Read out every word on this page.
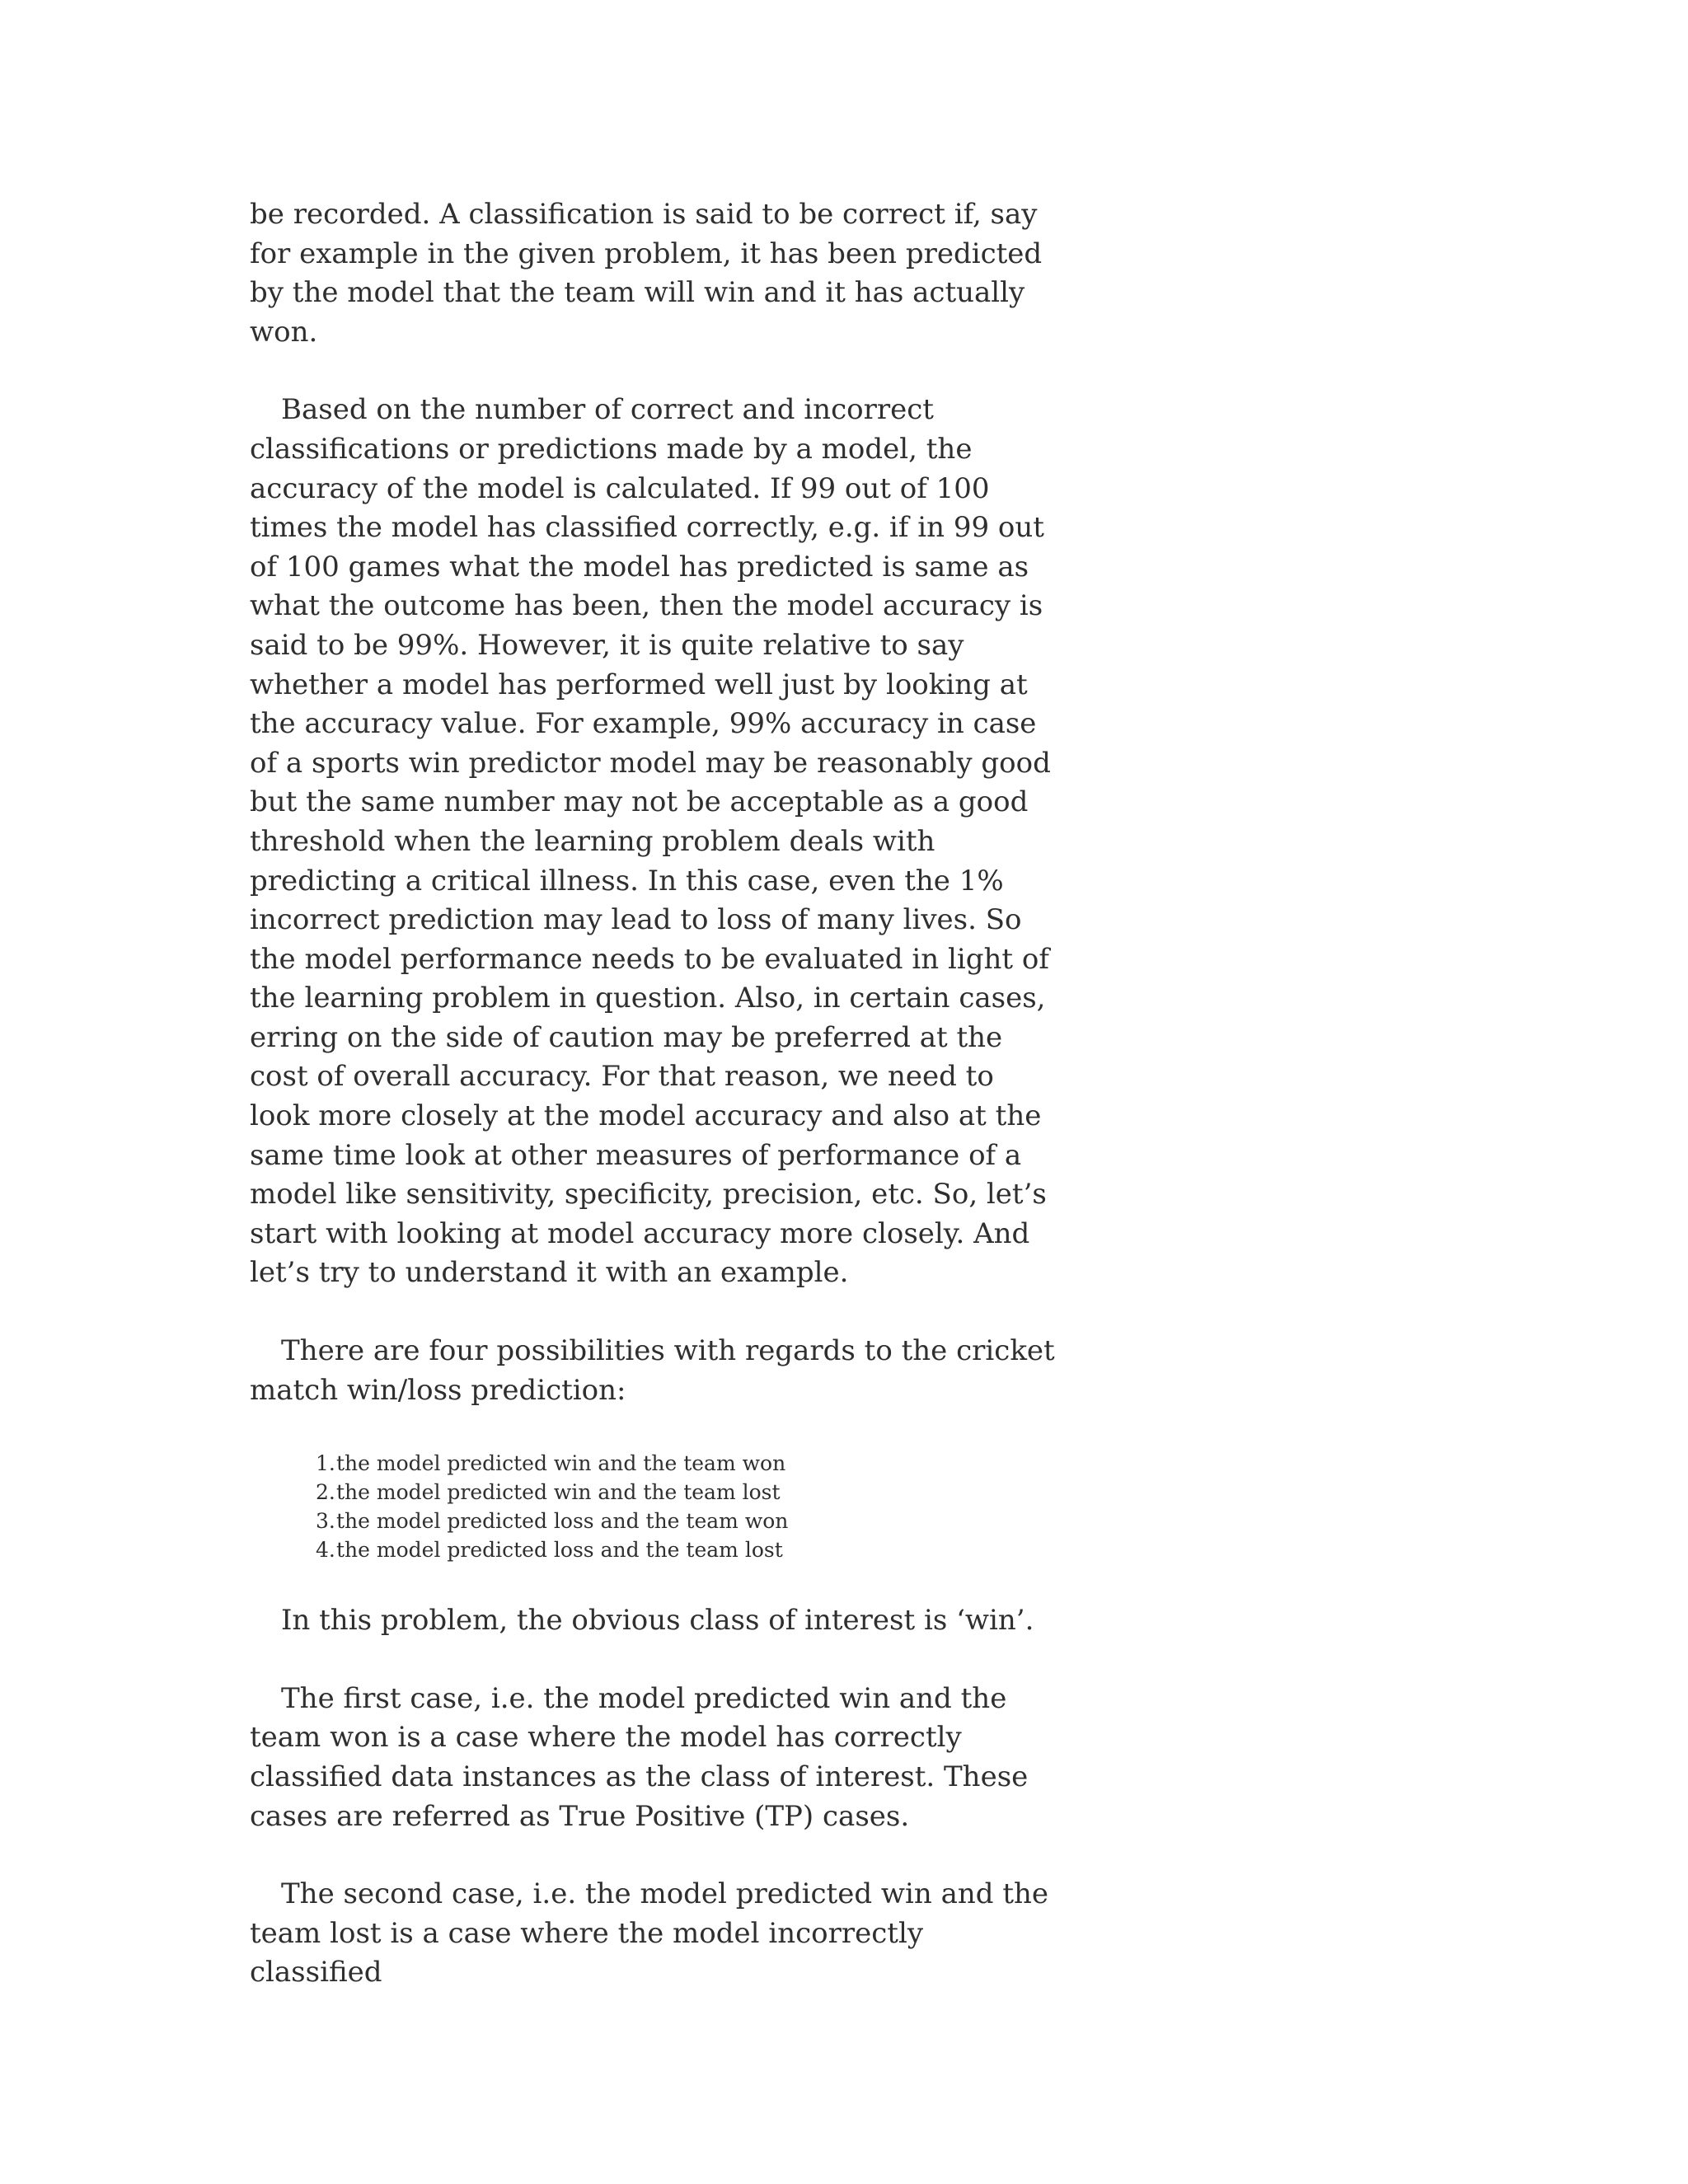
be recorded. A classification is said to be correct if, say for example in the given problem, it has been predicted by the model that the team will win and it has actually won.

Based on the number of correct and incorrect classifications or predictions made by a model, the accuracy of the model is calculated. If 99 out of 100 times the model has classified correctly, e.g. if in 99 out of 100 games what the model has predicted is same as what the outcome has been, then the model accuracy is said to be 99%. However, it is quite relative to say whether a model has performed well just by looking at the accuracy value. For example, 99% accuracy in case of a sports win predictor model may be reasonably good but the same number may not be acceptable as a good threshold when the learning problem deals with predicting a critical illness. In this case, even the 1% incorrect prediction may lead to loss of many lives. So the model performance needs to be evaluated in light of the learning problem in question. Also, in certain cases, erring on the side of caution may be preferred at the cost of overall accuracy. For that reason, we need to look more closely at the model accuracy and also at the same time look at other measures of performance of a model like sensitivity, specificity, precision, etc. So, let’s start with looking at model accuracy more closely. And let’s try to understand it with an example.

There are four possibilities with regards to the cricket match win/loss prediction:

1. the model predicted win and the team won
2. the model predicted win and the team lost
3. the model predicted loss and the team won
4. the model predicted loss and the team lost

In this problem, the obvious class of interest is ‘win’.

The first case, i.e. the model predicted win and the team won is a case where the model has correctly classified data instances as the class of interest. These cases are referred as True Positive (TP) cases.

The second case, i.e. the model predicted win and the team lost is a case where the model incorrectly classified
